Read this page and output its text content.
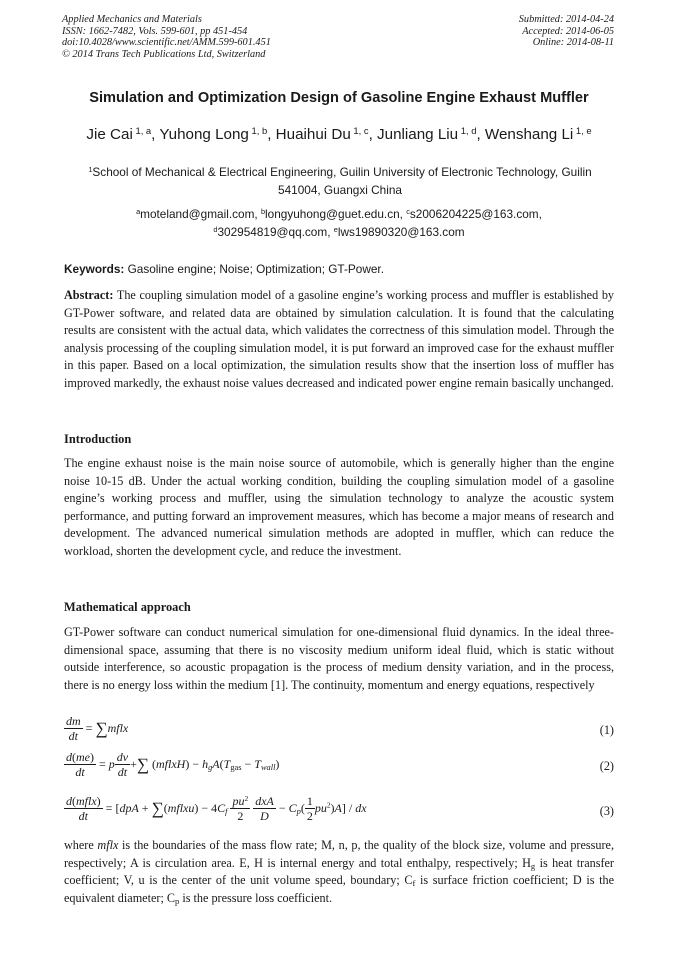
Applied Mechanics and Materials
ISSN: 1662-7482, Vols. 599-601, pp 451-454
doi:10.4028/www.scientific.net/AMM.599-601.451
© 2014 Trans Tech Publications Ltd, Switzerland
Submitted: 2014-04-24
Accepted: 2014-06-05
Online: 2014-08-11
Simulation and Optimization Design of Gasoline Engine Exhaust Muffler
Jie Cai $^{1, a}$, Yuhong Long $^{1, b}$, Huaihui Du $^{1, c}$, Junliang Liu $^{1, d}$, Wenshang Li $^{1, e}$
$^1$School of Mechanical & Electrical Engineering, Guilin University of Electronic Technology, Guilin 541004, Guangxi China
$^a$moteland@gmail.com, $^b$longyuhong@guet.edu.cn, $^c$s2006204225@163.com,
$^d$302954819@qq.com, $^e$lws19890320@163.com
Keywords: Gasoline engine; Noise; Optimization; GT-Power.
Abstract: The coupling simulation model of a gasoline engine’s working process and muffler is established by GT-Power software, and related data are obtained by simulation calculation. It is found that the calculating results are consistent with the actual data, which validates the correctness of this simulation model. Through the analysis processing of the coupling simulation model, it is put forward an improved case for the exhaust muffler in this paper. Based on a local optimization, the simulation results show that the insertion loss of muffler has improved markedly, the exhaust noise values decreased and indicated power engine remain basically unchanged.
Introduction
The engine exhaust noise is the main noise source of automobile, which is generally higher than the engine noise 10-15 dB. Under the actual working condition, building the coupling simulation model of a gasoline engine’s working process and muffler, using the simulation technology to analyze the acoustic system performance, and putting forward an improvement measures, which has become a major means of research and development. The advanced numerical simulation methods are adopted in muffler, which can reduce the workload, shorten the development cycle, and reduce the investment.
Mathematical approach
GT-Power software can conduct numerical simulation for one-dimensional fluid dynamics. In the ideal three-dimensional space, assuming that there is no viscosity medium uniform ideal fluid, which is static without outside interference, so acoustic propagation is the process of medium density variation, and in the process, there is no energy loss within the medium [1]. The continuity, momentum and energy equations, respectively
$\frac{dm}{dt}$ = ∑mflx	(1)
$\frac{d(me)}{dt} = p \frac{dv}{dt}$ +∑ (mflxH) − $h_gA(T_{gas} - T_{wall})$	(2)
$\frac{\text{d(mflx)}}{dt} = [dpA$ + ∑(mflxu) − $4C_f \frac{pu^2}{2}$
$\frac{\text{dxA}}{D} - C_p( \frac{1}{2} pu^2)A$] / dx	(3)
where mflx is the boundaries of the mass flow rate; M, n, p, the quality of the block size, volume and pressure, respectively; A is circulation area. E, H is internal energy and total enthalpy, respectively; $H_g$ is heat transfer coefficient; V, u is the center of the unit volume speed, boundary; $C_f$ is surface friction coefficient; D is the equivalent diameter; $C_p$ is the pressure loss coefficient.
